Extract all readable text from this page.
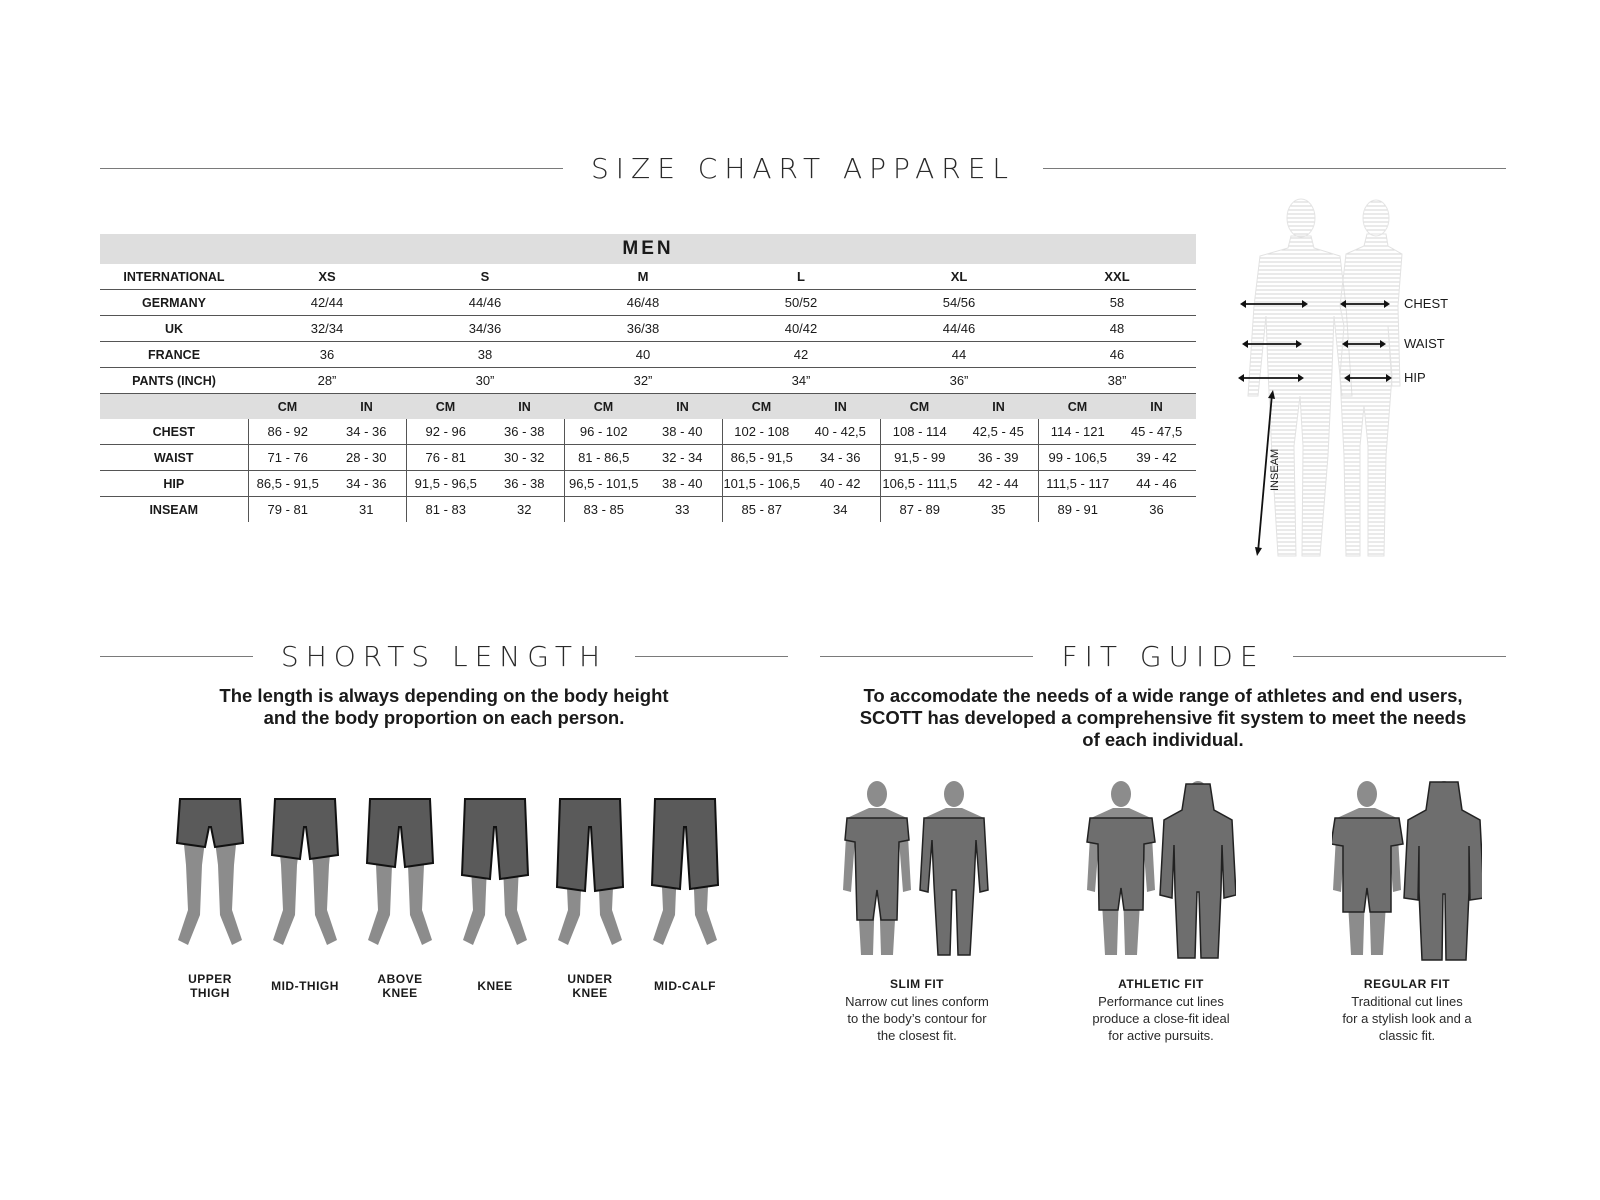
SIZE CHART APPAREL
MEN												
INTERNATIONAL	XS		S		M		L		XL		XXL	
GERMANY	42/44		44/46		46/48		50/52		54/56		58	
UK	32/34		34/36		36/38		40/42		44/46		48	
FRANCE	36		38		40		42		44		46	
PANTS (INCH)	28”		30”		32”		34”		36”		38”	
	CM	IN	CM	IN	CM	IN	CM	IN	CM	IN	CM	IN
CHEST	86 - 92	34 - 36	92 - 96	36 - 38	96 - 102	38 - 40	102 - 108	40 - 42,5	108 - 114	42,5 - 45	114 - 121	45 - 47,5
WAIST	71 - 76	28 - 30	76 - 81	30 - 32	81 - 86,5	32 - 34	86,5 - 91,5	34 - 36	91,5 - 99	36 - 39	99 - 106,5	39 - 42
HIP	86,5 - 91,5	34 - 36	91,5 - 96,5	36 - 38	96,5 - 101,5	38 - 40	101,5 - 106,5	40 - 42	106,5 - 111,5	42 - 44	111,5 - 117	44 - 46
INSEAM	79 - 81	31	81 - 83	32	83 - 85	33	85 - 87	34	87 - 89	35	89 - 91	36
CHEST
WAIST
HIP
INSEAM
SHORTS LENGTH
The length is always depending on the body height
and the body proportion on each person.
UPPER
THIGH	MID-THIGH	ABOVE
KNEE	KNEE	UNDER
KNEE	MID-CALF
FIT GUIDE
To accomodate the needs of a wide range of athletes and end users,
SCOTT has developed a comprehensive fit system to meet the needs
of each individual.
SLIM FIT
Narrow cut lines conform
to the body’s contour for
the closest fit.
ATHLETIC FIT
Performance cut lines
produce a close-fit ideal
for active pursuits.
REGULAR FIT
Traditional cut lines
for a stylish look and a
classic fit.
